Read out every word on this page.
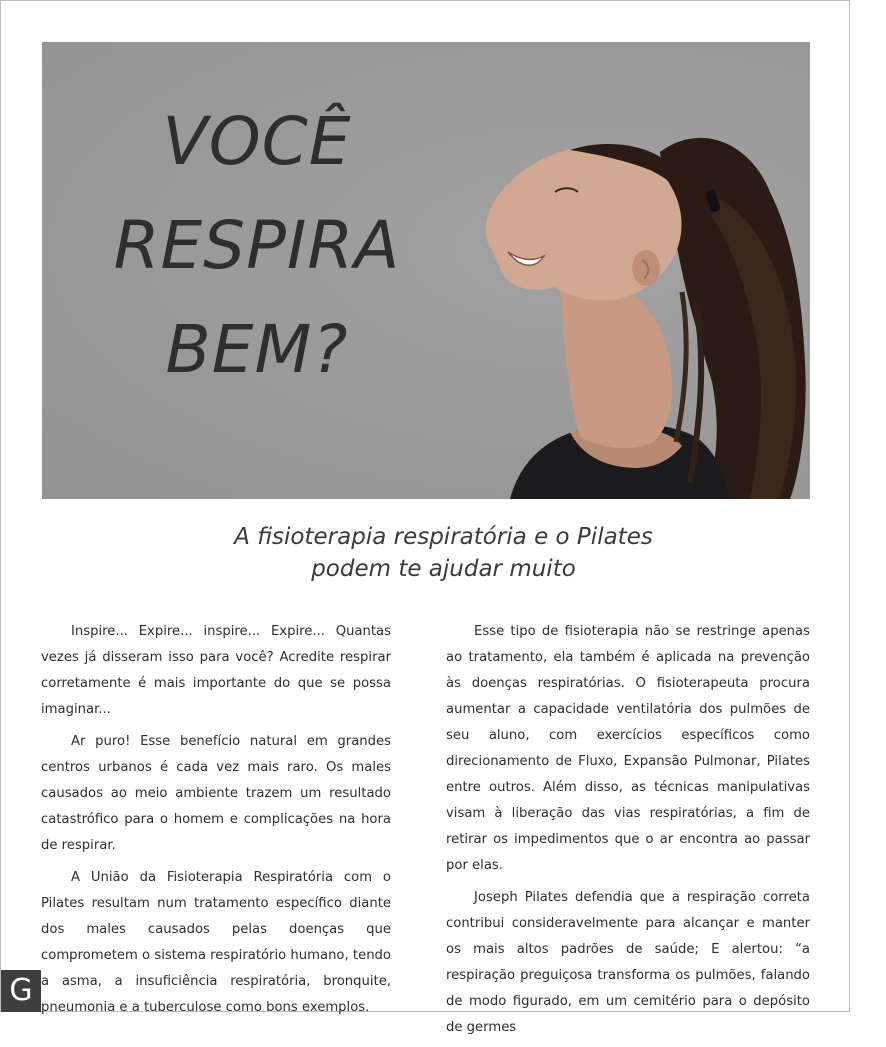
VOCÊ
RESPIRA
BEM?
A fisioterapia respiratória e o Pilates
podem te ajudar muito

Inspire... Expire... inspire... Expire... Quantas vezes já disseram isso para você? Acredite respirar corretamente é mais importante do que se possa imaginar...

Ar puro! Esse benefício natural em grandes centros urbanos é cada vez mais raro. Os males causados ao meio ambiente trazem um resultado catastrófico para o homem e complicações na hora de respirar.

A União da Fisioterapia Respiratória com o Pilates resultam num tratamento específico diante dos males causados pelas doenças que comprometem o sistema respiratório humano, tendo a asma, a insuficiência respiratória, bronquite, pneumonia e a tuberculose como bons exemplos.

Esse tipo de fisioterapia não se restringe apenas ao tratamento, ela também é aplicada na prevenção às doenças respiratórias. O fisioterapeuta procura aumentar a capacidade ventilatória dos pulmões de seu aluno, com exercícios específicos como direcionamento de Fluxo, Expansão Pulmonar, Pilates entre outros. Além disso, as técnicas manipulativas visam à liberação das vias respiratórias, a fim de retirar os impedimentos que o ar encontra ao passar por elas.

Joseph Pilates defendia que a respiração correta contribui consideravelmente para alcançar e manter os mais altos padrões de saúde; E alertou: “a respiração preguiçosa transforma os pulmões, falando de modo figurado, em um cemitério para o depósito de germes

G
